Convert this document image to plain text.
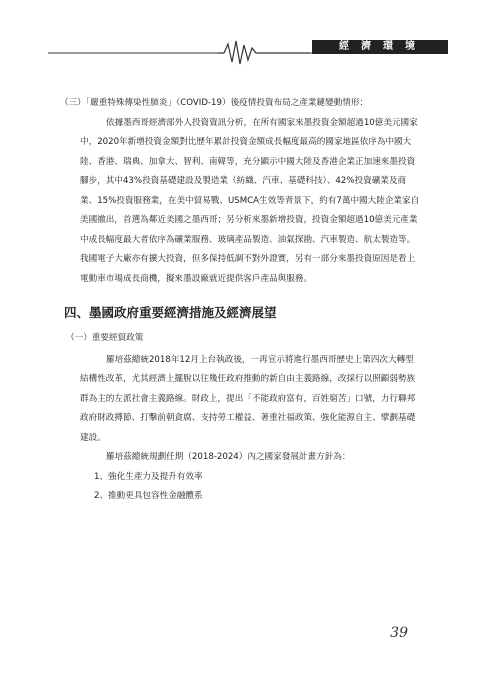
經濟環境

（三）「嚴重特殊傳染性肺炎」（COVID-19）後疫情投資布局之產業鏈變動情形：

依據墨西哥經濟部外人投資資訊分析，在所有國家來墨投資金額超過10億美元國家中，2020年新增投資金額對比歷年累計投資金額成長幅度最高的國家地區依序為中國大陸、香港、瑞典、加拿大、智利、南韓等，充分顯示中國大陸及香港企業正加速來墨投資腳步，其中43%投資基礎建設及製造業（紡織、汽車、基礎科技）、42%投資礦業及商業、15%投資服務業，在美中貿易戰、USMCA生效等背景下，約有7萬中國大陸企業家自美國撤出，首選為鄰近美國之墨西哥；另分析來墨新增投資，投資金額超過10億美元產業中成長幅度最大者依序為礦業服務、玻璃產品製造、油氣探勘、汽車製造、航太製造等。我國電子大廠亦有擴大投資，但多保持低調不對外證實，另有一部分來墨投資原因是看上電動車市場成長商機，擬來墨設廠就近提供客戶產品與服務。

四、墨國政府重要經濟措施及經濟展望
（一）重要經貿政策

羅培茲總統2018年12月上台執政後，一再宣示將進行墨西哥歷史上第四次大轉型結構性改革，尤其經濟上擺脫以往幾任政府推動的新自由主義路線，改採行以照顧弱勢族群為主的左派社會主義路線。財政上，提出「不能政府富有，百姓窮苦」口號，力行聯邦政府財政撙節、打擊前朝貪腐、支持勞工權益、著重社福政策、強化能源自主、擘劃基礎建設。

羅培茲總統規劃任期（2018-2024）內之國家發展計畫方針為：

1、強化生產力及提升有效率

2、推動更具包容性金融體系

39
